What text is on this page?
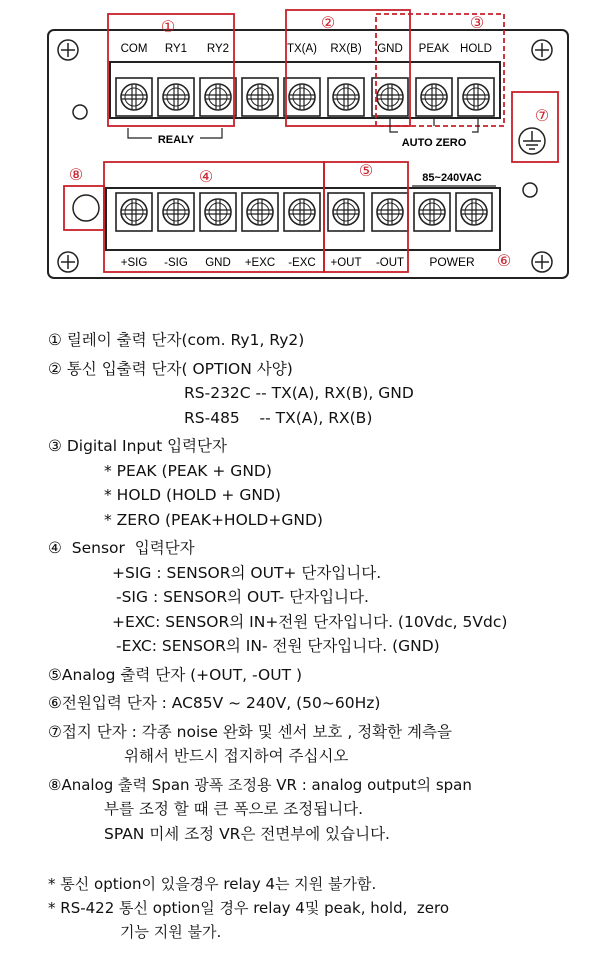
COM RY1 RY2	TX(A) RX(B) GND PEAK HOLD
+SIG -SIG GND +EXC -EXC +OUT -OUT
①	②	③
④	⑤
⑥
⑦
⑧
REALY	AUTO ZERO
85~240VAC
POWER
① 릴레이 출력 단자(com. Ry1, Ry2)
② 통신 입출력 단자( OPTION 사양)
RS-232C -- TX(A), RX(B), GND
RS-485    -- TX(A), RX(B)
③ Digital Input 입력단자
* PEAK (PEAK + GND)
* HOLD (HOLD + GND)
* ZERO (PEAK+HOLD+GND)
④  Sensor  입력단자
+SIG : SENSOR의 OUT+ 단자입니다.
-SIG : SENSOR의 OUT- 단자입니다.
+EXC: SENSOR의 IN+전원 단자입니다. (10Vdc, 5Vdc)
-EXC: SENSOR의 IN- 전원 단자입니다. (GND)
⑤Analog 출력 단자 (+OUT, -OUT )
⑥전원입력 단자 : AC85V ~ 240V, (50~60Hz)
⑦접지 단자 : 각종 noise 완화 및 센서 보호 , 정확한 계측을
위해서 반드시 접지하여 주십시오
⑧Analog 출력 Span 광폭 조정용 VR : analog output의 span
부를 조정 할 때 큰 폭으로 조정됩니다.
SPAN 미세 조정 VR은 전면부에 있습니다.
* 통신 option이 있을경우 relay 4는 지원 불가함.
* RS-422 통신 option일 경우 relay 4및 peak, hold,  zero
기능 지원 불가.
